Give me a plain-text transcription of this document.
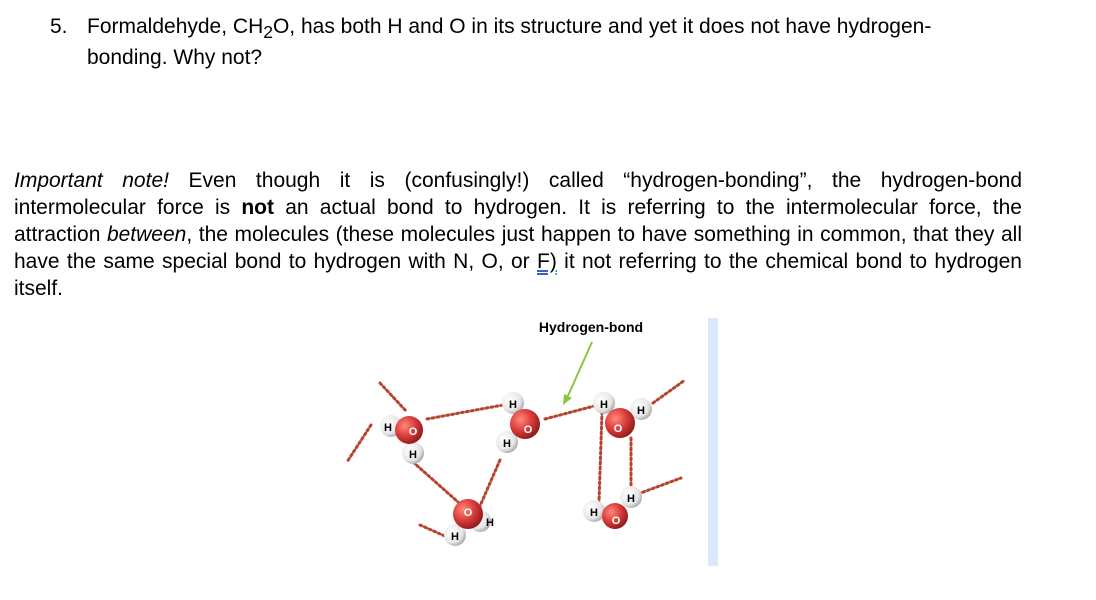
5. Formaldehyde, $CH_2O$, has both H and O in its structure and yet it does not have hydrogen-bonding. Why not?
Important note! Even though it is (confusingly!) called “hydrogen-bonding”, the hydrogen-bond intermolecular force is not an actual bond to hydrogen. It is referring to the intermolecular force, the attraction between, the molecules (these molecules just happen to have something in common, that they all have the same special bond to hydrogen with N, O, or F) it not referring to the chemical bond to hydrogen itself.
Hydrogen-bond
H
H
O
H
H
O
H	H
O
H
H
O	H
H
O
